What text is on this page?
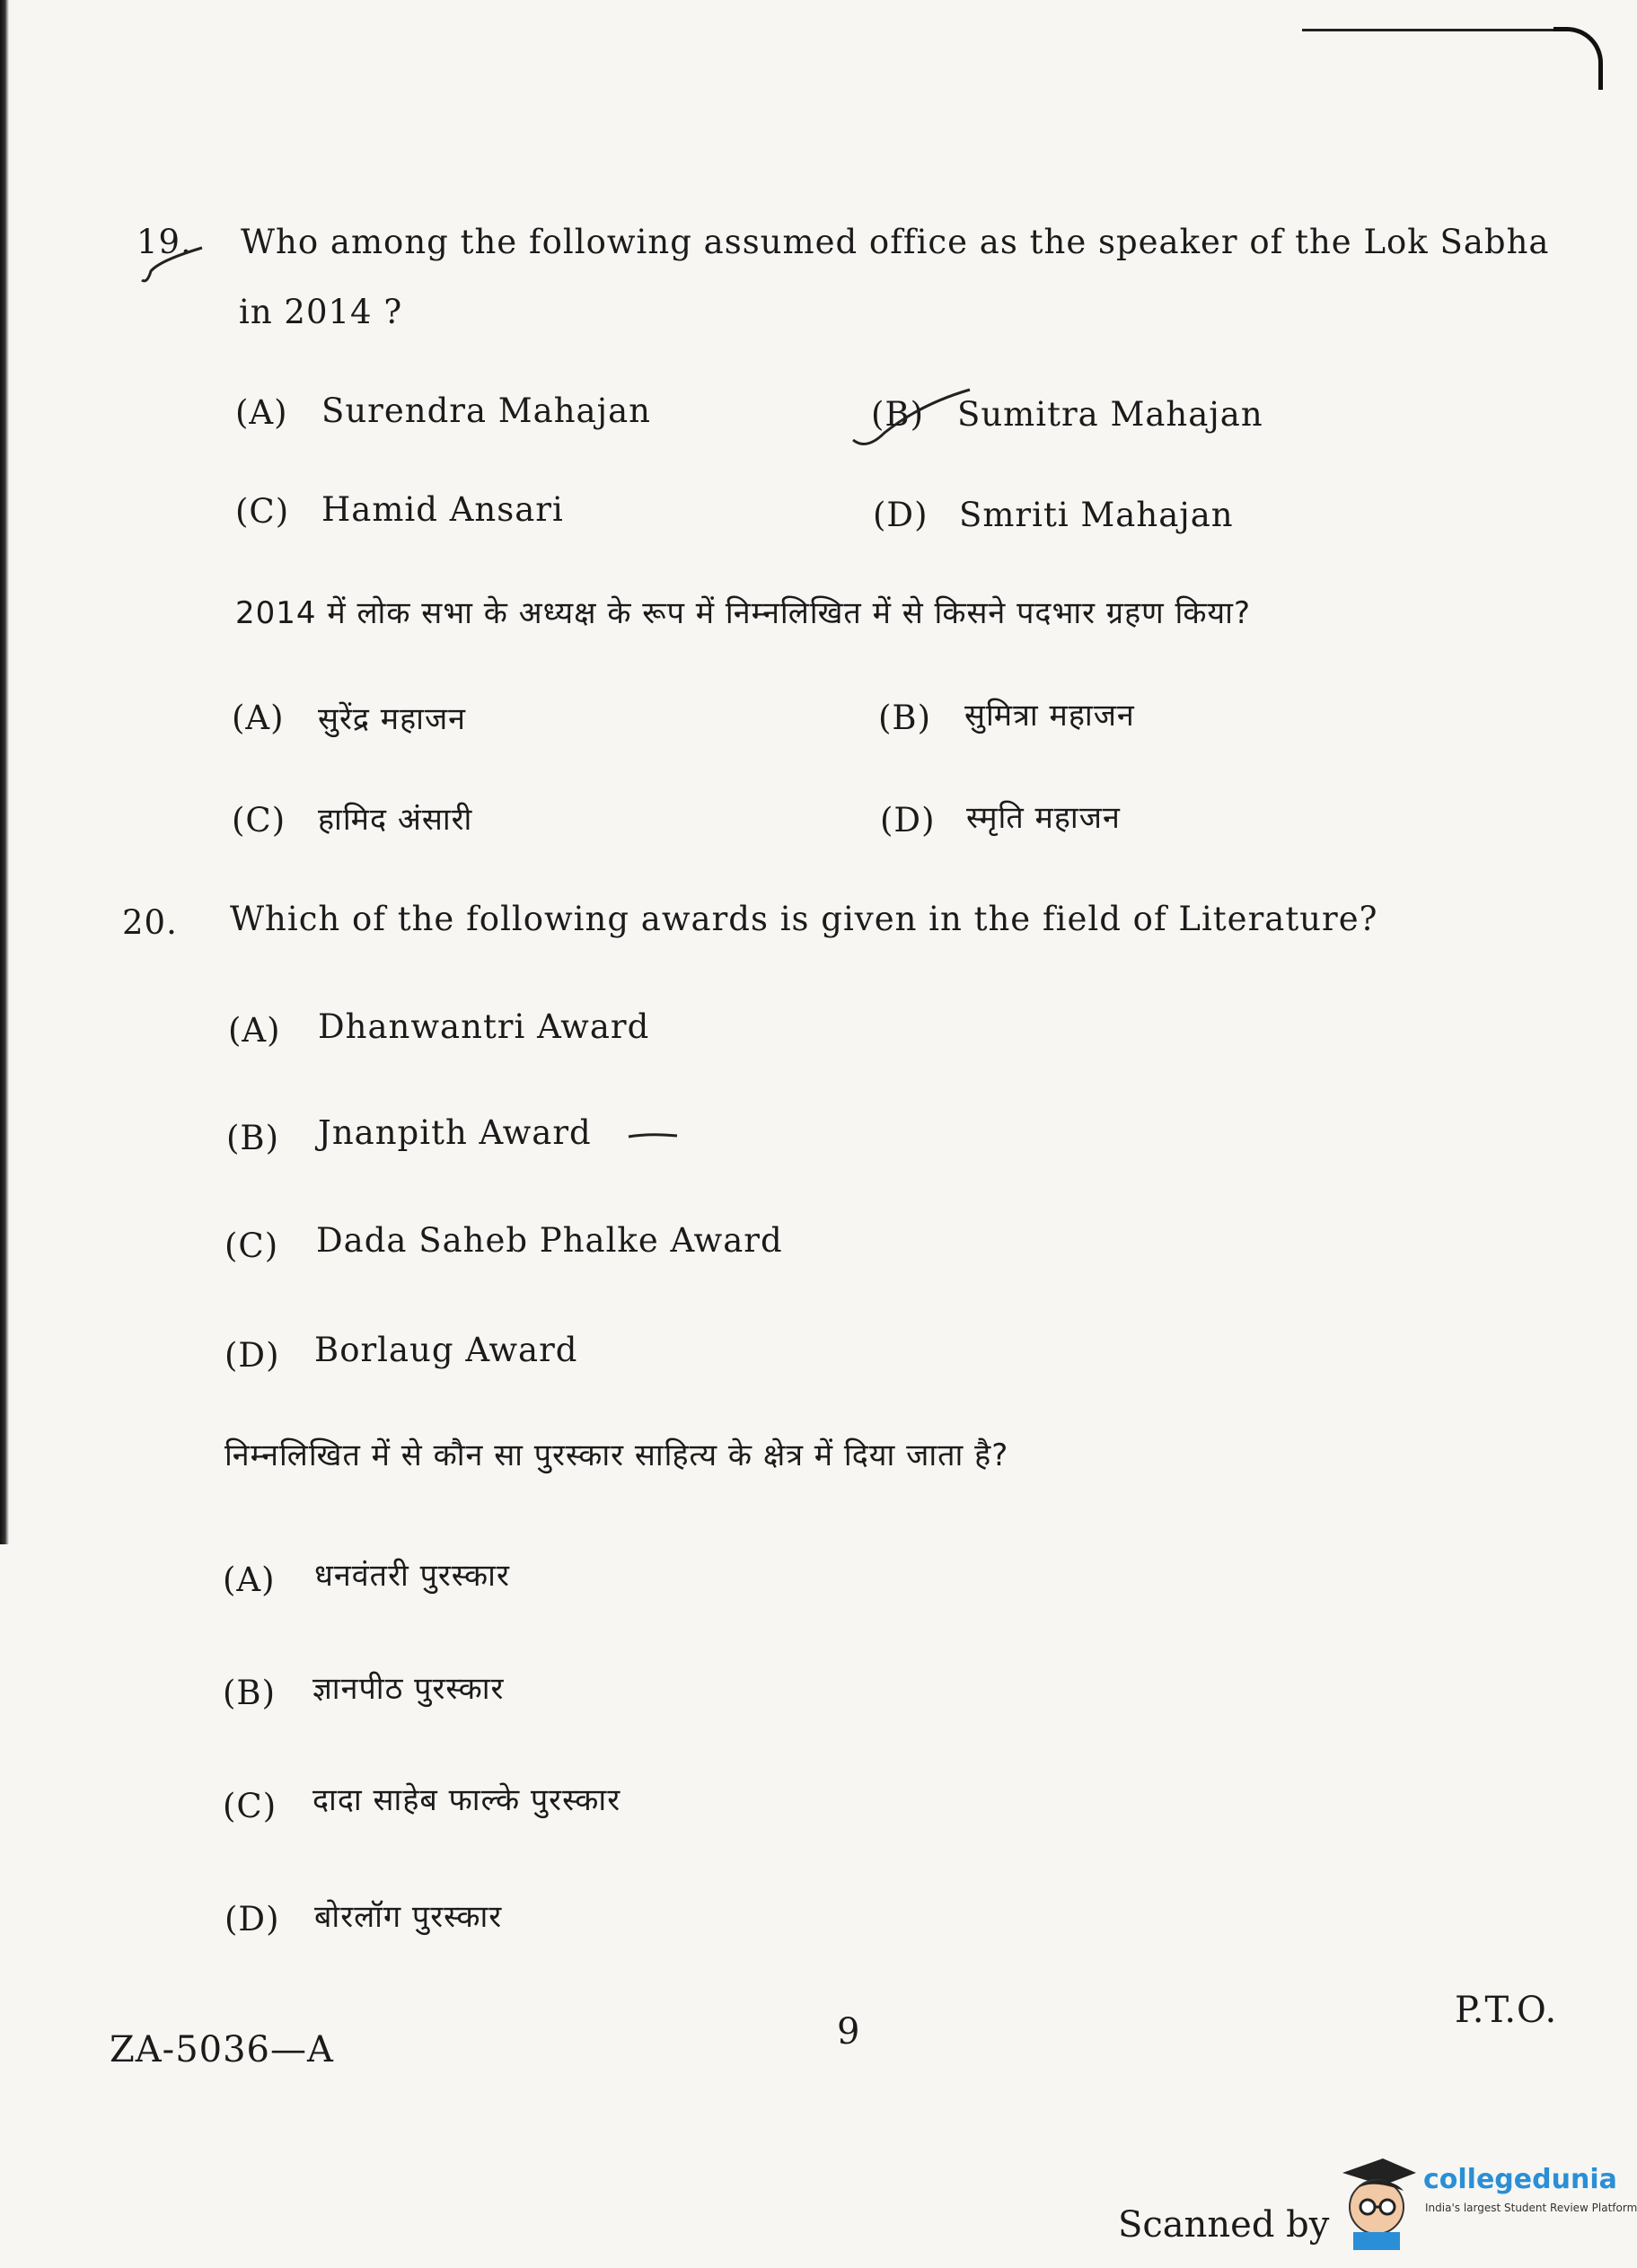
19. Who among the following assumed office as the speaker of the Lok Sabha
in 2014 ?
(A) Surendra Mahajan	(B) Sumitra Mahajan
(C) Hamid Ansari	(D) Smriti Mahajan
2014 में लोक सभा के अध्यक्ष के रूप में निम्नलिखित में से किसने पदभार ग्रहण किया?
(A) सुरेंद्र महाजन	(B) सुमित्रा महाजन
(C) हामिद अंसारी	(D) स्मृति महाजन
20. Which of the following awards is given in the field of Literature?
(A) Dhanwantri Award
(B) Jnanpith Award
(C) Dada Saheb Phalke Award
(D) Borlaug Award
निम्नलिखित में से कौन सा पुरस्कार साहित्य के क्षेत्र में दिया जाता है?
(A) धनवंतरी पुरस्कार
(B) ज्ञानपीठ पुरस्कार
(C) दादा साहेब फाल्के पुरस्कार
(D) बोरलॉग पुरस्कार
ZA-5036—A	9
P.T.O.
Scanned by
collegedunia
India's largest Student Review Platform
